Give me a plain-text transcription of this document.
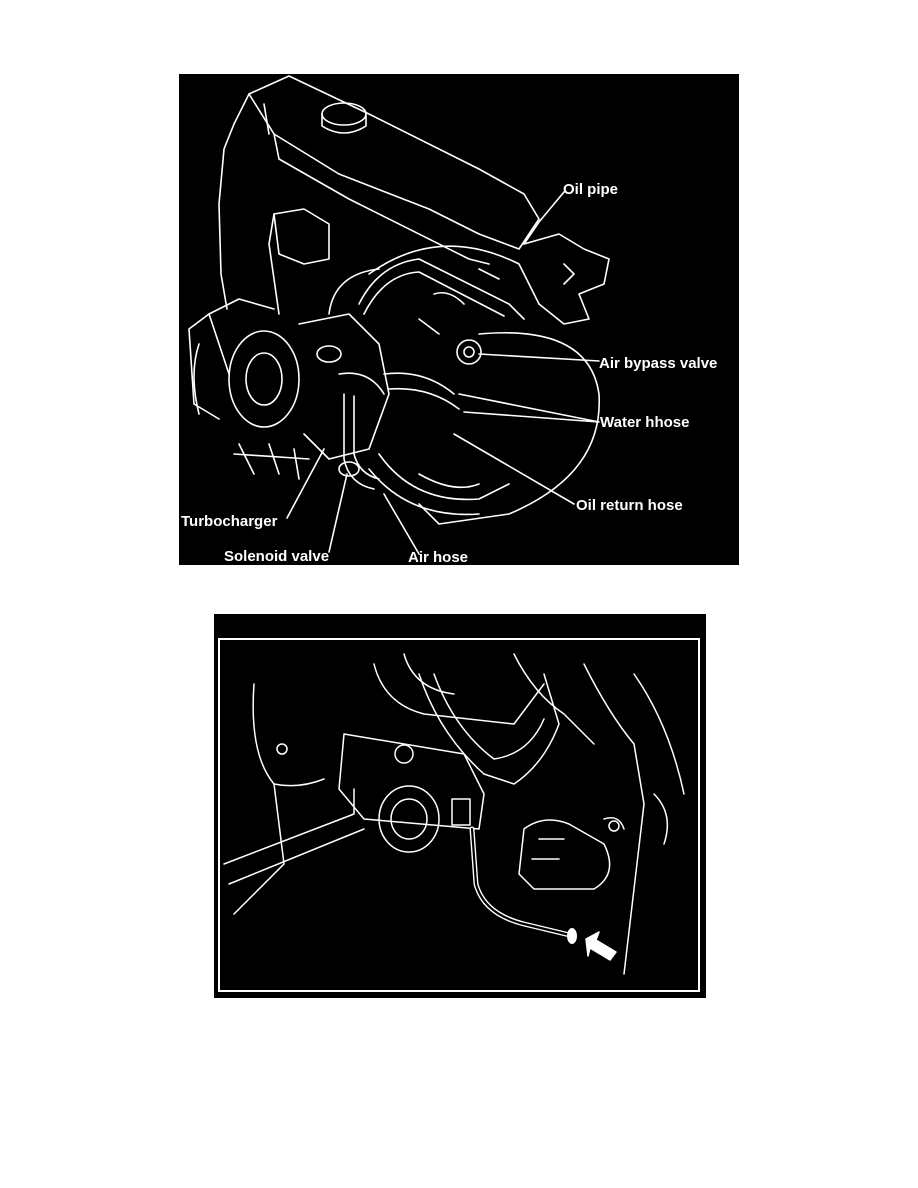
Oil pipe
Air bypass valve
Water hhose
Oil return hose
Turbocharger
Solenoid valve	Air hose
